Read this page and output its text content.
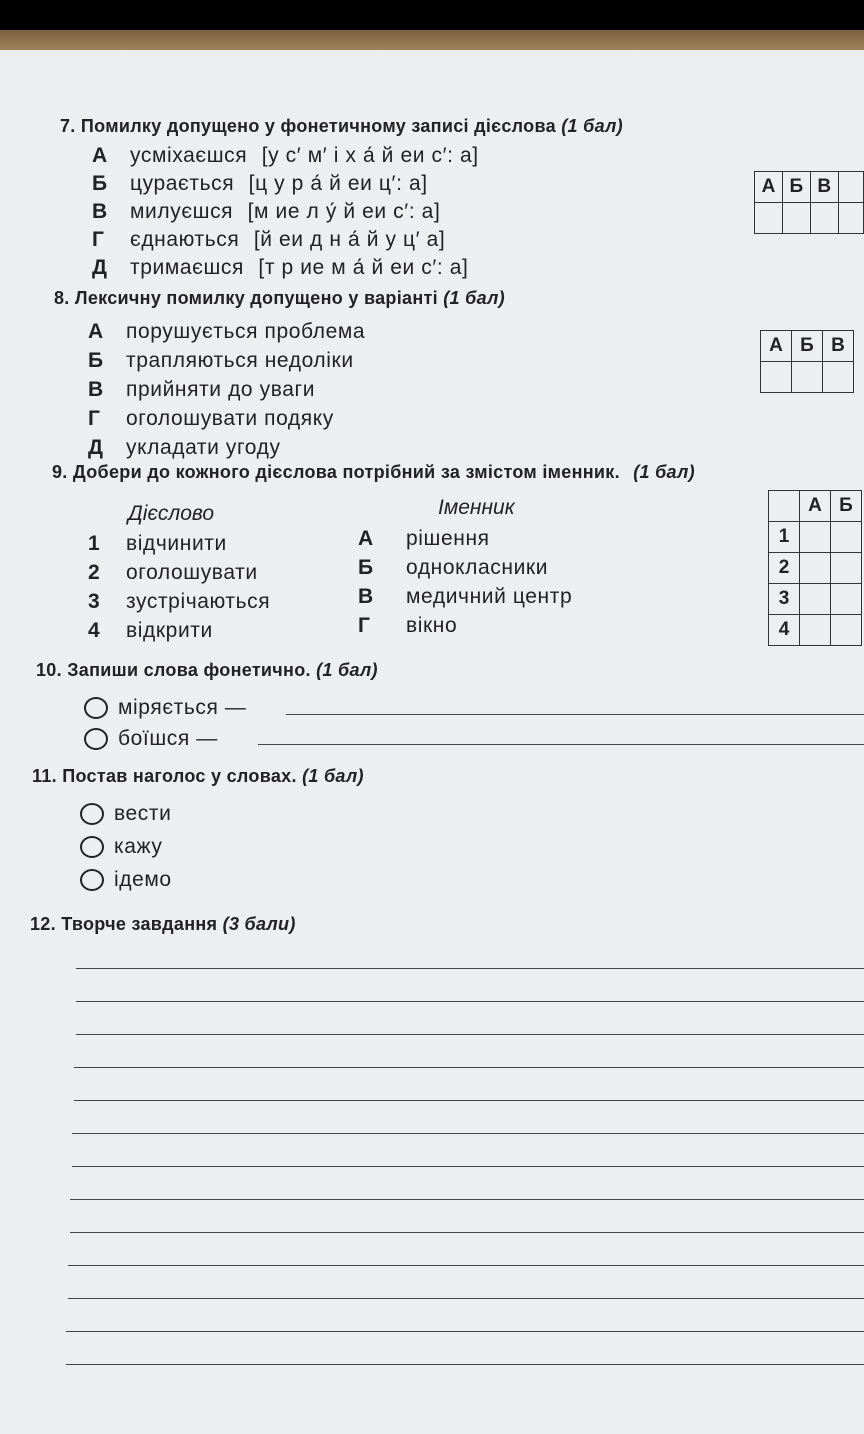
7. Помилку допущено у фонетичному записі дієслова (1 бал)
А усміхаєшся [у с′ м′ і х а́ й еи с′: а]
Б цурається [ц у р а́ й еи ц′: а]
В милуєшся [м ие л у́ й еи с′: а]
Г єднаються [й еи д н а́ й у ц′ а]
Д тримаєшся [т р ие м а́ й еи с′: а]
А	Б	В	

8. Лексичну помилку допущено у варіанті (1 бал)
А порушується проблема
Б трапляються недоліки
В прийняти до уваги
Г оголошувати подяку
Д укладати угоду
А	Б	В

9. Добери до кожного дієслова потрібний за змістом іменник. (1 бал)
Дієслово	Іменник
1 відчинити
2 оголошувати
3 зустрічаються
4 відкрити
А рішення
Б однокласники
В медичний центр
Г вікно
	А	Б
1		
2		
3		
4		
10. Запиши слова фонетично. (1 бал)
міряється —
боїшся —
11. Постав наголос у словах. (1 бал)
вести
кажу
ідемо
12. Творче завдання (3 бали)
